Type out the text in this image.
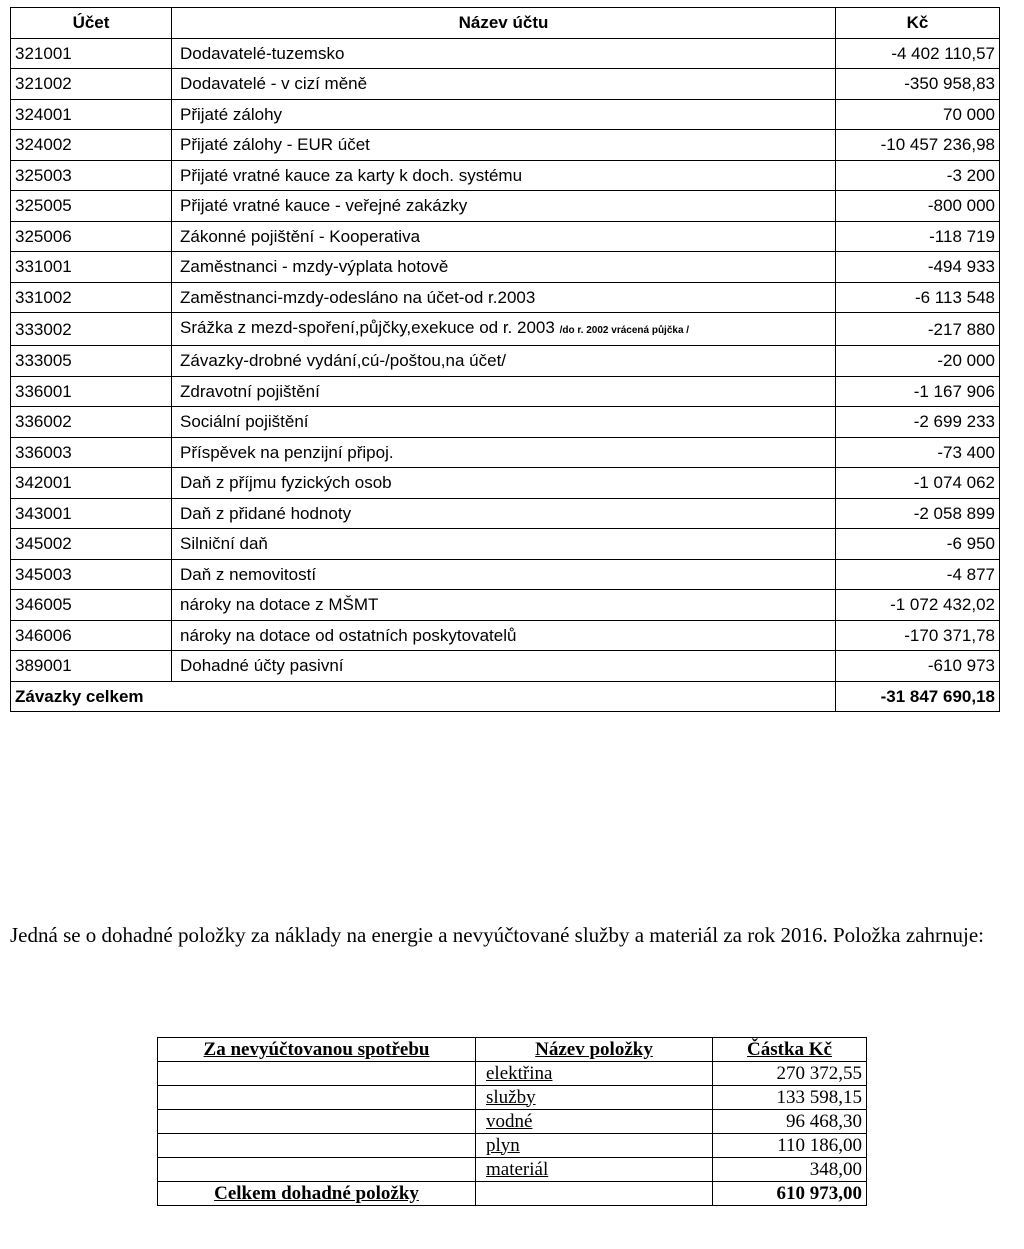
Účet	Název účtu	Kč
321001	Dodavatelé-tuzemsko	-4 402 110,57
321002	Dodavatelé - v cizí měně	-350 958,83
324001	Přijaté zálohy	70 000
324002	Přijaté zálohy - EUR účet	-10 457 236,98
325003	Přijaté vratné kauce za karty k doch. systému	-3 200
325005	Přijaté vratné kauce - veřejné zakázky	-800 000
325006	Zákonné pojištění - Kooperativa	-118 719
331001	Zaměstnanci - mzdy-výplata hotově	-494 933
331002	Zaměstnanci-mzdy-odesláno na účet-od r.2003	-6 113 548
333002	Srážka z mezd-spoření,půjčky,exekuce od r. 2003 /do r. 2002 vrácená půjčka /	-217 880
333005	Závazky-drobné vydání,cú-/poštou,na účet/	-20 000
336001	Zdravotní pojištění	-1 167 906
336002	Sociální pojištění	-2 699 233
336003	Příspěvek na penzijní připoj.	-73 400
342001	Daň z příjmu fyzických osob	-1 074 062
343001	Daň z přidané hodnoty	-2 058 899
345002	Silniční daň	-6 950
345003	Daň z nemovitostí	-4 877
346005	nároky na dotace z MŠMT	-1 072 432,02
346006	nároky na dotace od ostatních poskytovatelů	-170 371,78
389001	Dohadné účty pasivní	-610 973
Závazky celkem		-31 847 690,18

Jedná se o dohadné položky za náklady na energie a nevyúčtované služby a materiál za rok 2016. Položka zahrnuje:

Za nevyúčtovanou spotřebu	Název položky	Částka Kč
	elektřina	270 372,55
	služby	133 598,15
	vodné	96 468,30
	plyn	110 186,00
	materiál	348,00
Celkem dohadné položky		610 973,00
